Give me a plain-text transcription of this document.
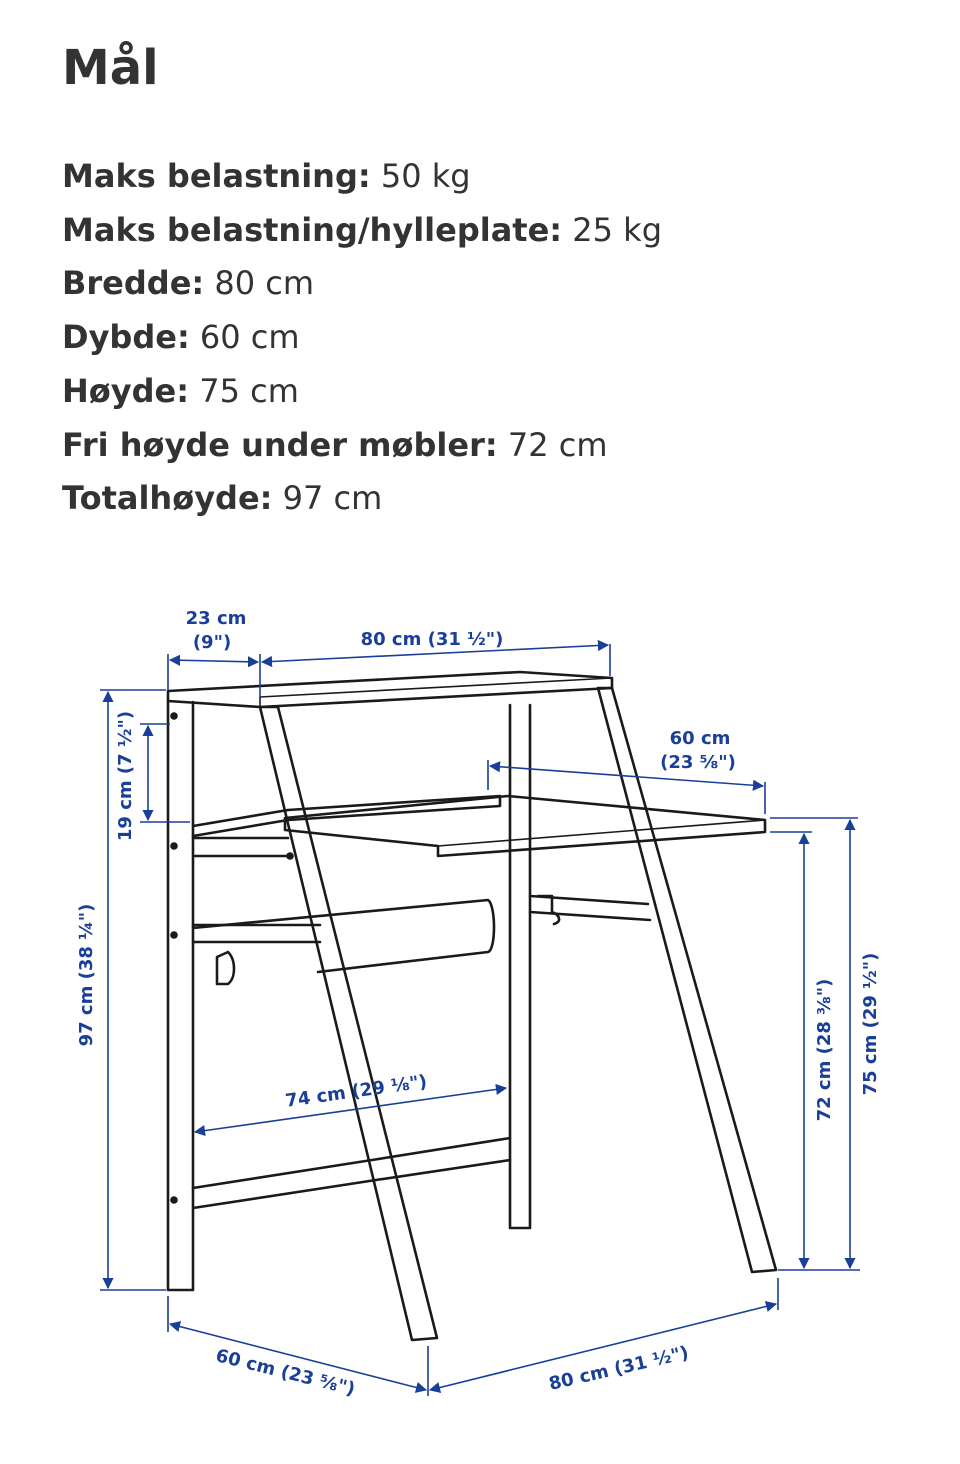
Mål
Maks belastning: 50 kg
Maks belastning/hylleplate: 25 kg
Bredde: 80 cm
Dybde: 60 cm
Høyde: 75 cm
Fri høyde under møbler: 72 cm
Totalhøyde: 97 cm
23 cm
(9")	80 cm (31 ½")
60 cm
(23 ⅝")
19 cm (7 ½")
97 cm (38 ¼")
74 cm (29 ⅛")	72 cm (28 ⅜") 75 cm (29 ½")
60 cm (23 ⅝")	80 cm (31 ½")
